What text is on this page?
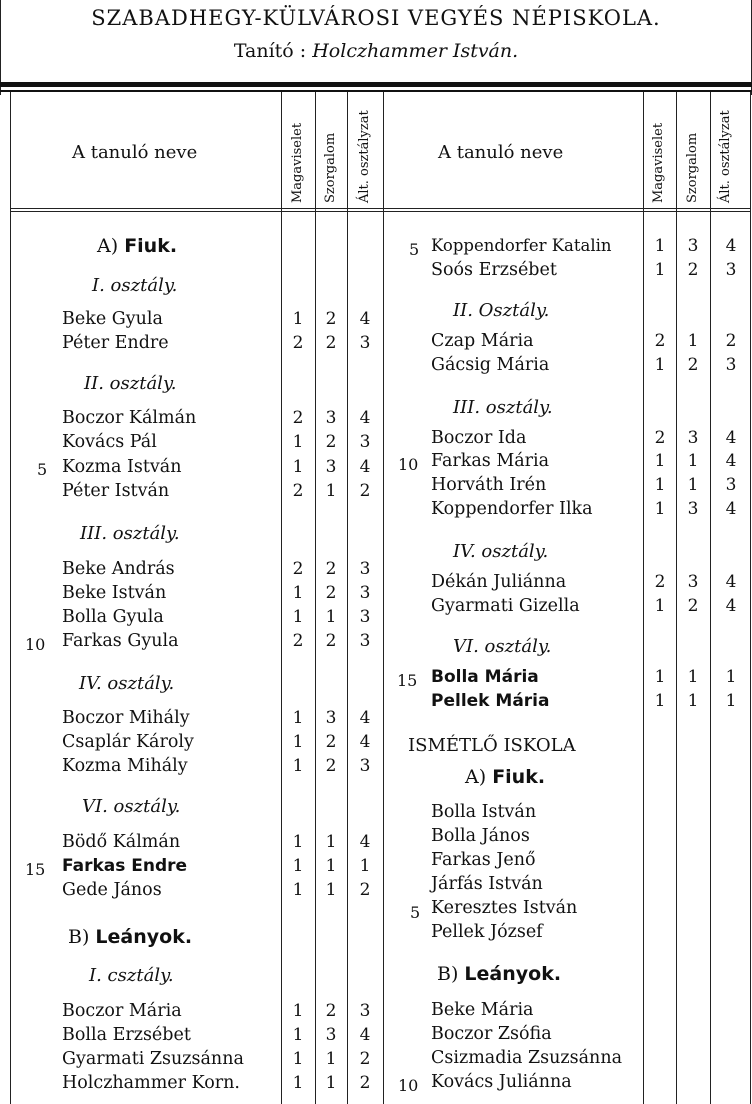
SZABADHEGY-KÜLVÁROSI VEGYÉS NÉPISKOLA.
Tanító : Holczhammer István.
A tanuló neve	Magaviselet Szorgalom Ált. osztályzat	A tanuló neve	Magaviselet Szorgalom Ált. osztályzat
A) Fiuk.
I. osztály.
Beke Gyula	1 2 4
Péter Endre	2 2 3
II. osztály.
Boczor Kálmán	2 3 4
Kovács Pál	1 2 3
5 Kozma István	1 3 4
Péter István	2 1 2
III. osztály.
Beke András	2 2 3
Beke István	1 2 3
Bolla Gyula	1 1 3
10 Farkas Gyula	2 2 3
IV. osztály.
Boczor Mihály	1 3 4
Csaplár Károly	1 2 4
Kozma Mihály	1 2 3
VI. osztály.
Bödő Kálmán	1 1 4
15 Farkas Endre	1 1 1
Gede János	1 1 2
B) Leányok.
I. csztály.
Boczor Mária	1 2 3
Bolla Erzsébet	1 3 4
Gyarmati Zsuzsánna	1 1 2
Holczhammer Korn.	1 1 2
5 Koppendorfer Katalin	1 3 4
Soós Erzsébet	1 2 3
II. Osztály.
Czap Mária	2 1 2
Gácsig Mária	1 2 3
III. osztály.
Boczor Ida	2 3 4
10 Farkas Mária	1 1 4
Horváth Irén	1 1 3
Koppendorfer Ilka	1 3 4
IV. osztály.
Dékán Juliánna	2 3 4
Gyarmati Gizella	1 2 4
VI. osztály.
15 Bolla Mária	1 1 1
Pellek Mária	1 1 1
ISMÉTLŐ ISKOLA
A) Fiuk.
Bolla István
Bolla János
Farkas Jenő
Járfás István
5 Keresztes István
Pellek József
B) Leányok.
Beke Mária
Boczor Zsófia
Csizmadia Zsuzsánna
10 Kovács Juliánna
